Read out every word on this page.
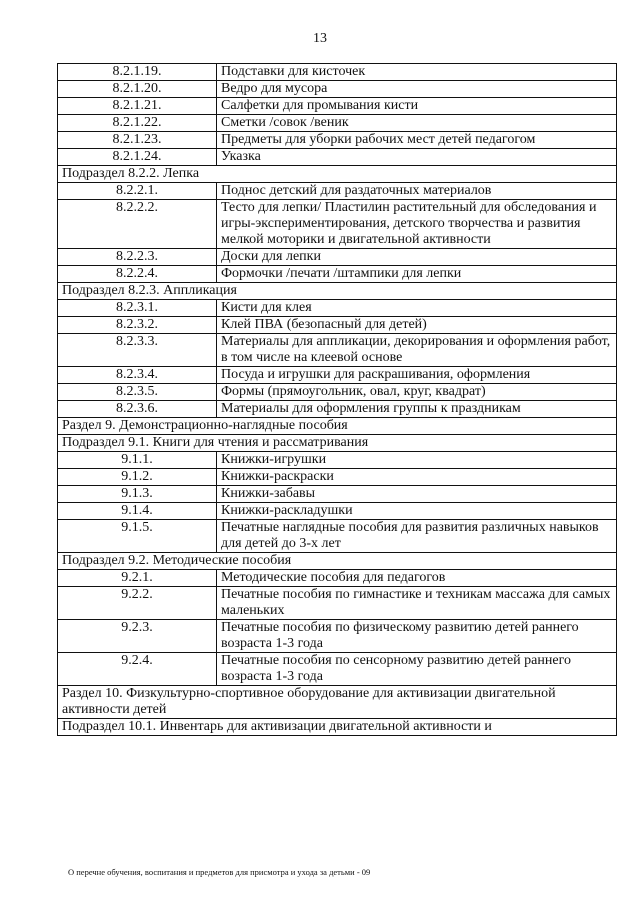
13
8.2.1.19.	Подставки для кисточек
8.2.1.20.	Ведро для мусора
8.2.1.21.	Салфетки для промывания кисти
8.2.1.22.	Сметки /совок /веник
8.2.1.23.	Предметы для уборки рабочих мест детей педагогом
8.2.1.24.	Указка
Подраздел 8.2.2. Лепка	
8.2.2.1.	Поднос детский для раздаточных материалов
8.2.2.2.	Тесто для лепки/ Пластилин растительный для обследования и игры-экспериментирования, детского творчества и развития мелкой моторики и двигательной активности
8.2.2.3.	Доски для лепки
8.2.2.4.	Формочки /печати /штампики для лепки
Подраздел 8.2.3. Аппликация	
8.2.3.1.	Кисти для клея
8.2.3.2.	Клей ПВА (безопасный для детей)
8.2.3.3.	Материалы для аппликации, декорирования и оформления работ, в том числе на клеевой основе
8.2.3.4.	Посуда и игрушки для раскрашивания, оформления
8.2.3.5.	Формы (прямоугольник, овал, круг, квадрат)
8.2.3.6.	Материалы для оформления группы к праздникам
Раздел 9. Демонстрационно-наглядные пособия	
Подраздел 9.1. Книги для чтения и рассматривания	
9.1.1.	Книжки-игрушки
9.1.2.	Книжки-раскраски
9.1.3.	Книжки-забавы
9.1.4.	Книжки-раскладушки
9.1.5.	Печатные наглядные пособия для развития различных навыков для детей до 3-х лет
Подраздел 9.2. Методические пособия	
9.2.1.	Методические пособия для педагогов
9.2.2.	Печатные пособия по гимнастике и техникам массажа для самых маленьких
9.2.3.	Печатные пособия по физическому развитию детей раннего возраста 1-3 года
9.2.4.	Печатные пособия по сенсорному развитию детей раннего возраста 1-3 года
Раздел 10. Физкультурно-спортивное оборудование для активизации двигательной активности детей	
Подраздел 10.1. Инвентарь для активизации двигательной активности и	
О перечне обучения, воспитания и предметов для присмотра и ухода за детьми - 09
